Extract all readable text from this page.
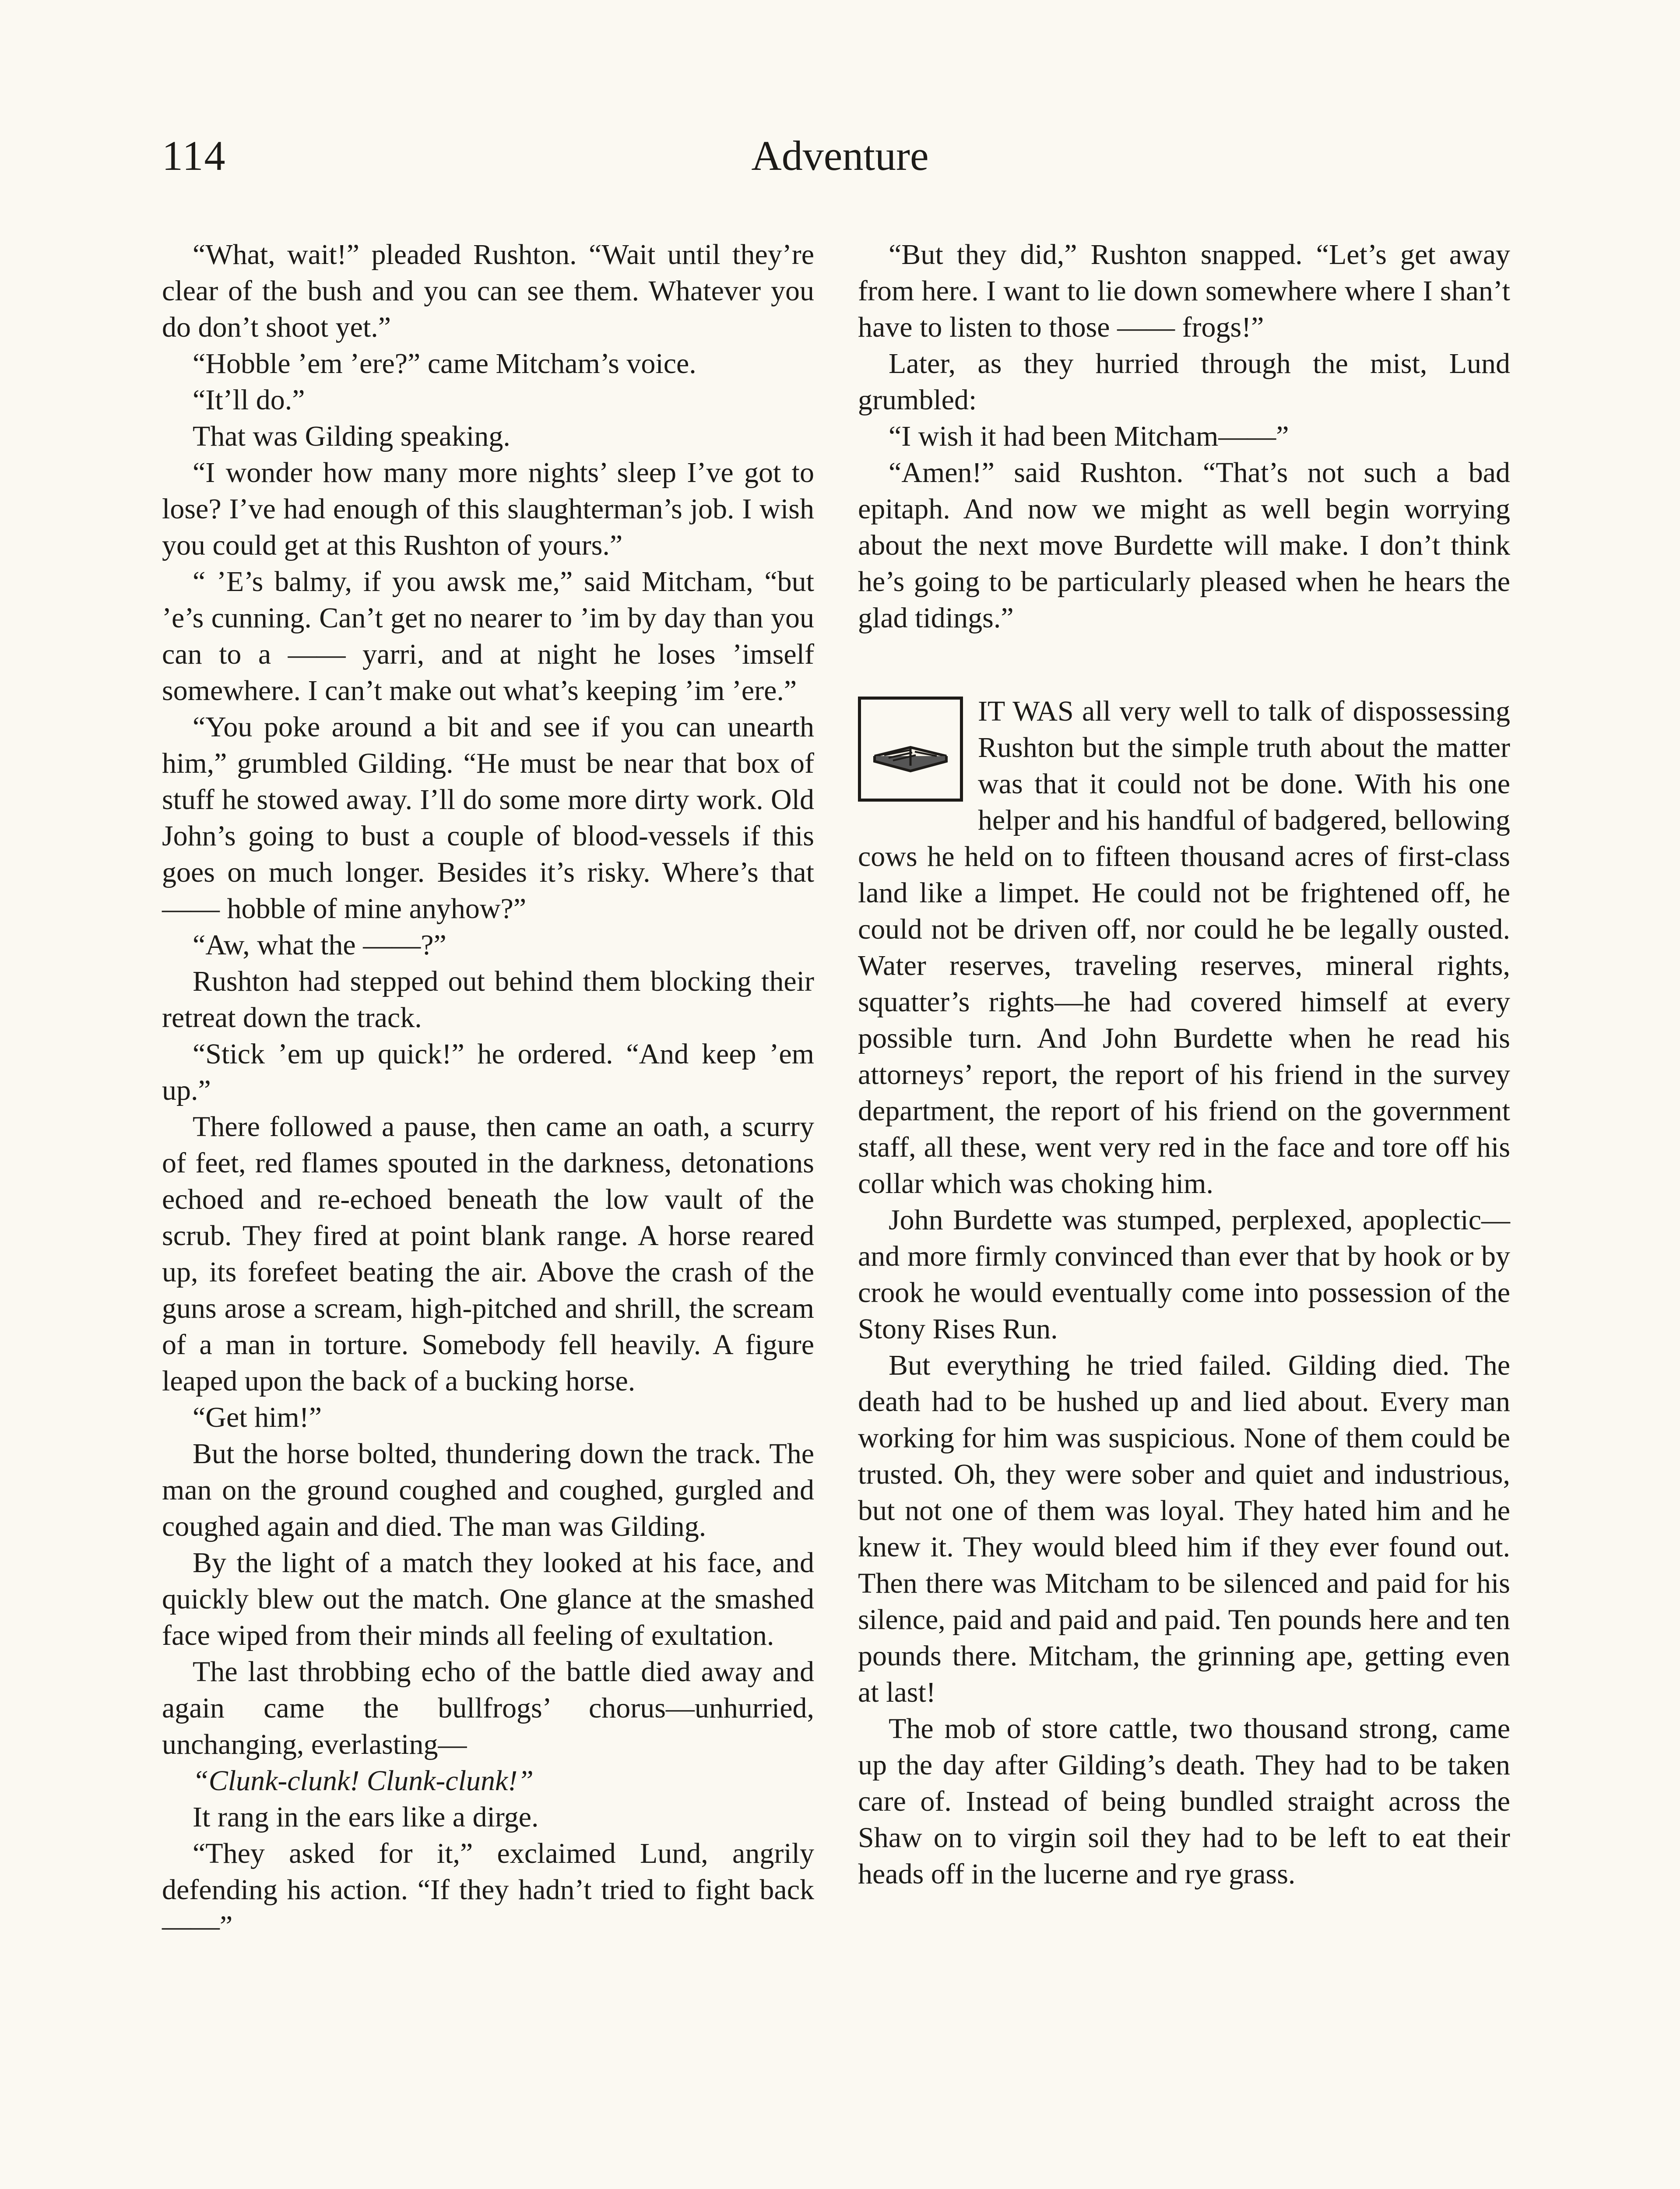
114	Adventure

“What, wait!” pleaded Rushton. “Wait until they’re clear of the bush and you can see them. Whatever you do don’t shoot yet.”

“Hobble ’em ’ere?” came Mitcham’s voice.

“It’ll do.”

That was Gilding speaking.

“I wonder how many more nights’ sleep I’ve got to lose? I’ve had enough of this slaughterman’s job. I wish you could get at this Rushton of yours.”

“ ’E’s balmy, if you awsk me,” said Mitcham, “but ’e’s cunning. Can’t get no nearer to ’im by day than you can to a —— yarri, and at night he loses ’imself somewhere. I can’t make out what’s keeping ’im ’ere.”

“You poke around a bit and see if you can unearth him,” grumbled Gilding. “He must be near that box of stuff he stowed away. I’ll do some more dirty work. Old John’s going to bust a couple of blood-vessels if this goes on much longer. Besides it’s risky. Where’s that —— hobble of mine anyhow?”

“Aw, what the ——?”

Rushton had stepped out behind them blocking their retreat down the track.

“Stick ’em up quick!” he ordered. “And keep ’em up.”

There followed a pause, then came an oath, a scurry of feet, red flames spouted in the darkness, detonations echoed and re-echoed beneath the low vault of the scrub. They fired at point blank range. A horse reared up, its forefeet beating the air. Above the crash of the guns arose a scream, high-pitched and shrill, the scream of a man in torture. Somebody fell heavily. A figure leaped upon the back of a bucking horse.

“Get him!”

But the horse bolted, thundering down the track. The man on the ground coughed and coughed, gurgled and coughed again and died. The man was Gilding.

By the light of a match they looked at his face, and quickly blew out the match. One glance at the smashed face wiped from their minds all feeling of exultation.

The last throbbing echo of the battle died away and again came the bullfrogs’ chorus—unhurried, unchanging, everlasting—

“Clunk-clunk! Clunk-clunk!”

It rang in the ears like a dirge.

“They asked for it,” exclaimed Lund, angrily defending his action. “If they hadn’t tried to fight back——”

“But they did,” Rushton snapped. “Let’s get away from here. I want to lie down somewhere where I shan’t have to listen to those —— frogs!”

Later, as they hurried through the mist, Lund grumbled:

“I wish it had been Mitcham——”

“Amen!” said Rushton. “That’s not such a bad epitaph. And now we might as well begin worrying about the next move Burdette will make. I don’t think he’s going to be particularly pleased when he hears the glad tidings.”

IT WAS all very well to talk of dispossessing Rushton but the simple truth about the matter was that it could not be done. With his one helper and his handful of badgered, bellowing cows he held on to fifteen thousand acres of first-class land like a limpet. He could not be frightened off, he could not be driven off, nor could he be legally ousted. Water reserves, traveling reserves, mineral rights, squatter’s rights—he had covered himself at every possible turn. And John Burdette when he read his attorneys’ report, the report of his friend in the survey department, the report of his friend on the government staff, all these, went very red in the face and tore off his collar which was choking him.

John Burdette was stumped, perplexed, apoplectic—and more firmly convinced than ever that by hook or by crook he would eventually come into possession of the Stony Rises Run.

But everything he tried failed. Gilding died. The death had to be hushed up and lied about. Every man working for him was suspicious. None of them could be trusted. Oh, they were sober and quiet and industrious, but not one of them was loyal. They hated him and he knew it. They would bleed him if they ever found out. Then there was Mitcham to be silenced and paid for his silence, paid and paid and paid. Ten pounds here and ten pounds there. Mitcham, the grinning ape, getting even at last!

The mob of store cattle, two thousand strong, came up the day after Gilding’s death. They had to be taken care of. Instead of being bundled straight across the Shaw on to virgin soil they had to be left to eat their heads off in the lucerne and rye grass.
